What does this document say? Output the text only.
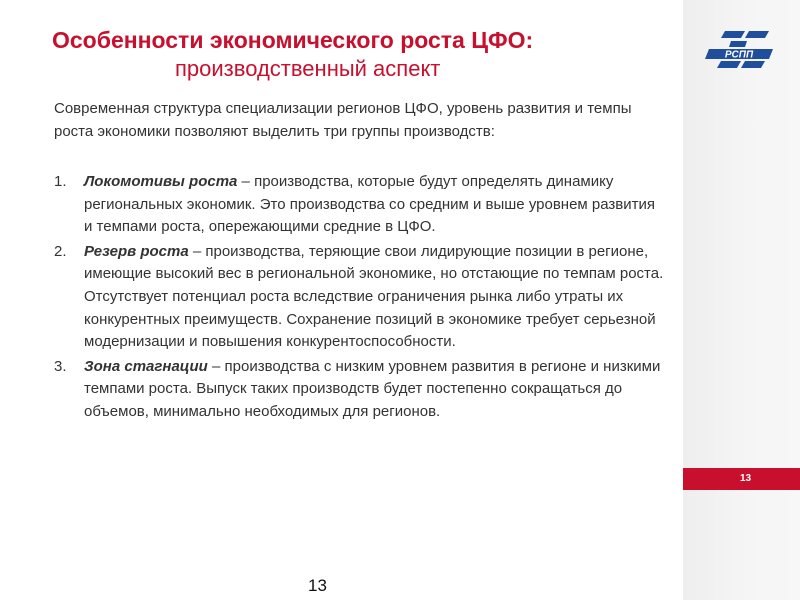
РСПП
13
Особенности экономического роста ЦФО:
производственный аспект
Современная структура специализации регионов ЦФО, уровень развития и темпы роста экономики позволяют выделить три группы производств:
1. Локомотивы роста – производства, которые будут определять динамику региональных экономик. Это производства со средним и выше уровнем развития и темпами роста, опережающими средние в ЦФО.
2. Резерв роста – производства, теряющие свои лидирующие позиции в регионе, имеющие высокий вес в региональной экономике, но отстающие по темпам роста. Отсутствует потенциал роста вследствие ограничения рынка либо утраты их конкурентных преимуществ. Сохранение позиций в экономике требует серьезной модернизации и повышения конкурентоспособности.
3. Зона стагнации – производства с низким уровнем развития в регионе и низкими темпами роста. Выпуск таких производств будет постепенно сокращаться до объемов, минимально необходимых для регионов.
13
